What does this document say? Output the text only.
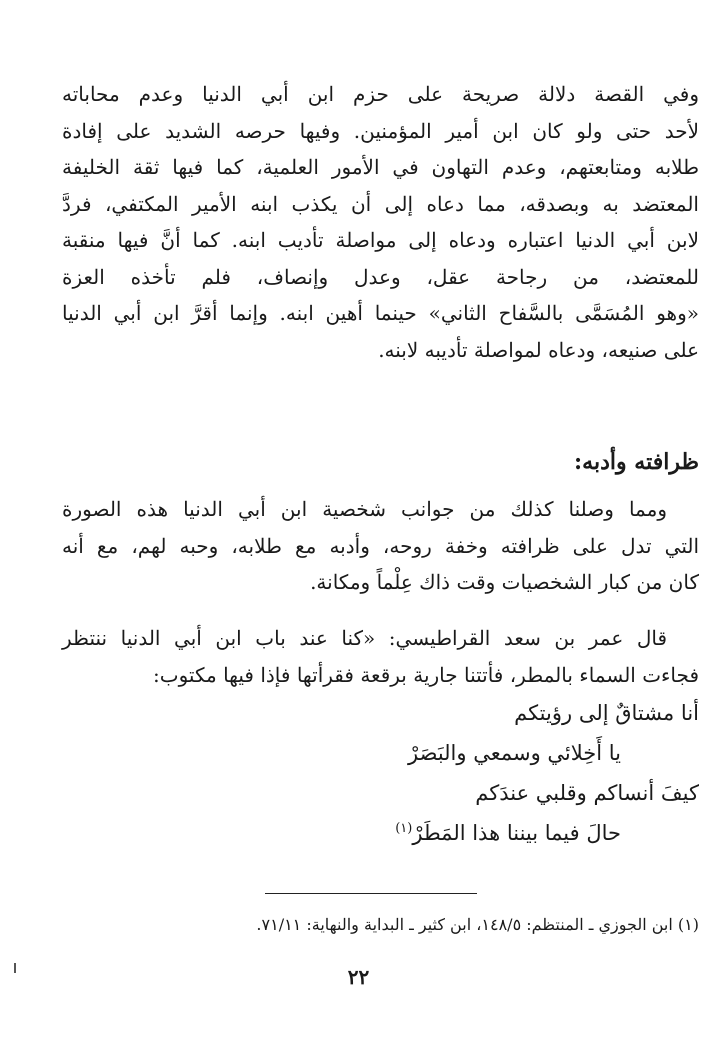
وفي القصة دلالة صريحة على حزم ابن أبي الدنيا وعدم محاباته
لأحد حتى ولو كان ابن أمير المؤمنين. وفيها حرصه الشديد على إفادة
طلابه ومتابعتهم، وعدم التهاون في الأمور العلمية، كما فيها ثقة الخليفة
المعتضد به وبصدقه، مما دعاه إلى أن يكذب ابنه الأمير المكتفي، فردَّ
لابن أبي الدنيا اعتباره ودعاه إلى مواصلة تأديب ابنه. كما أنَّ فيها منقبة
للمعتضد، من رجاحة عقل، وعدل وإنصاف، فلم تأخذه العزة
«وهو المُسَمَّى بالسَّفاح الثاني» حينما أهين ابنه. وإنما أقرَّ ابن أبي الدنيا
على صنيعه، ودعاه لمواصلة تأديبه لابنه.
ظرافته وأدبه:
ومما وصلنا كذلك من جوانب شخصية ابن أبي الدنيا هذه الصورة
التي تدل على ظرافته وخفة روحه، وأدبه مع طلابه، وحبه لهم، مع أنه
كان من كبار الشخصيات وقت ذاك عِلْماً ومكانة.
قال عمر بن سعد القراطيسي: «كنا عند باب ابن أبي الدنيا ننتظر
فجاءت السماء بالمطر، فأتتنا جارية برقعة فقرأتها فإذا فيها مكتوب:
أنا مشتاقٌ إلى رؤيتكم
يا أَخِلائي وسمعي والبَصَرْ
كيفَ أنساكم وقلبي عندَكم
حالَ فيما بيننا هذا المَطَرْ$^{(١)}$
(١) ابن الجوزي ـ المنتظم: ١٤٨/٥، ابن كثير ـ البداية والنهاية: ٧١/١١.
٢٢
